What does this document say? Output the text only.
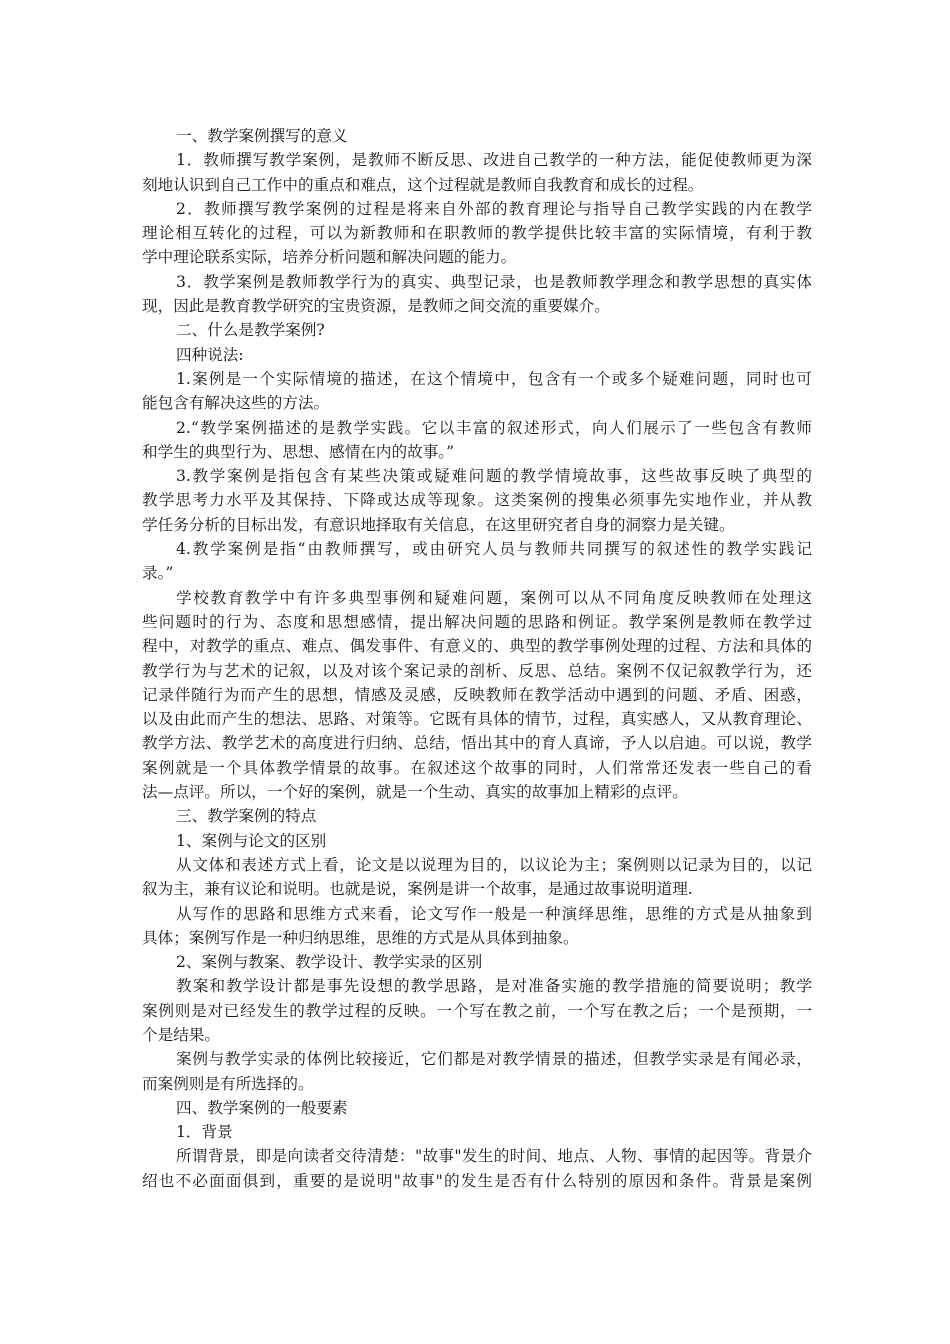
一、教学案例撰写的意义
1．教师撰写教学案例，是教师不断反思、改进自己教学的一种方法，能促使教师更为深
刻地认识到自己工作中的重点和难点，这个过程就是教师自我教育和成长的过程。
2．教师撰写教学案例的过程是将来自外部的教育理论与指导自己教学实践的内在教学
理论相互转化的过程，可以为新教师和在职教师的教学提供比较丰富的实际情境，有利于教
学中理论联系实际，培养分析问题和解决问题的能力。
3．教学案例是教师教学行为的真实、典型记录，也是教师教学理念和教学思想的真实体
现，因此是教育教学研究的宝贵资源，是教师之间交流的重要媒介。
二、什么是教学案例?
四种说法:
1.案例是一个实际情境的描述，在这个情境中，包含有一个或多个疑难问题，同时也可
能包含有解决这些的方法。
2.“教学案例描述的是教学实践。它以丰富的叙述形式，向人们展示了一些包含有教师
和学生的典型行为、思想、感情在内的故事。”
3.教学案例是指包含有某些决策或疑难问题的教学情境故事，这些故事反映了典型的
教学思考力水平及其保持、下降或达成等现象。这类案例的搜集必须事先实地作业，并从教
学任务分析的目标出发，有意识地择取有关信息，在这里研究者自身的洞察力是关键。
4.教学案例是指“由教师撰写，或由研究人员与教师共同撰写的叙述性的教学实践记
录。”
学校教育教学中有许多典型事例和疑难问题，案例可以从不同角度反映教师在处理这
些问题时的行为、态度和思想感情，提出解决问题的思路和例证。教学案例是教师在教学过
程中，对教学的重点、难点、偶发事件、有意义的、典型的教学事例处理的过程、方法和具体的
教学行为与艺术的记叙，以及对该个案记录的剖析、反思、总结。案例不仅记叙教学行为，还
记录伴随行为而产生的思想，情感及灵感，反映教师在教学活动中遇到的问题、矛盾、困惑，
以及由此而产生的想法、思路、对策等。它既有具体的情节，过程，真实感人，又从教育理论、
教学方法、教学艺术的高度进行归纳、总结，悟出其中的育人真谛，予人以启迪。可以说，教学
案例就是一个具体教学情景的故事。在叙述这个故事的同时，人们常常还发表一些自己的看
法—点评。所以，一个好的案例，就是一个生动、真实的故事加上精彩的点评。
三、教学案例的特点
1、案例与论文的区别
从文体和表述方式上看，论文是以说理为目的，以议论为主；案例则以记录为目的，以记
叙为主，兼有议论和说明。也就是说，案例是讲一个故事，是通过故事说明道理.
从写作的思路和思维方式来看，论文写作一般是一种演绎思维，思维的方式是从抽象到
具体；案例写作是一种归纳思维，思维的方式是从具体到抽象。
2、案例与教案、教学设计、教学实录的区别
教案和教学设计都是事先设想的教学思路，是对准备实施的教学措施的简要说明；教学
案例则是对已经发生的教学过程的反映。一个写在教之前，一个写在教之后；一个是预期，一
个是结果。
案例与教学实录的体例比较接近，它们都是对教学情景的描述，但教学实录是有闻必录，
而案例则是有所选择的。
四、教学案例的一般要素
1．背景
所谓背景，即是向读者交待清楚："故事"发生的时间、地点、人物、事情的起因等。背景介
绍也不必面面俱到，重要的是说明"故事"的发生是否有什么特别的原因和条件。背景是案例
